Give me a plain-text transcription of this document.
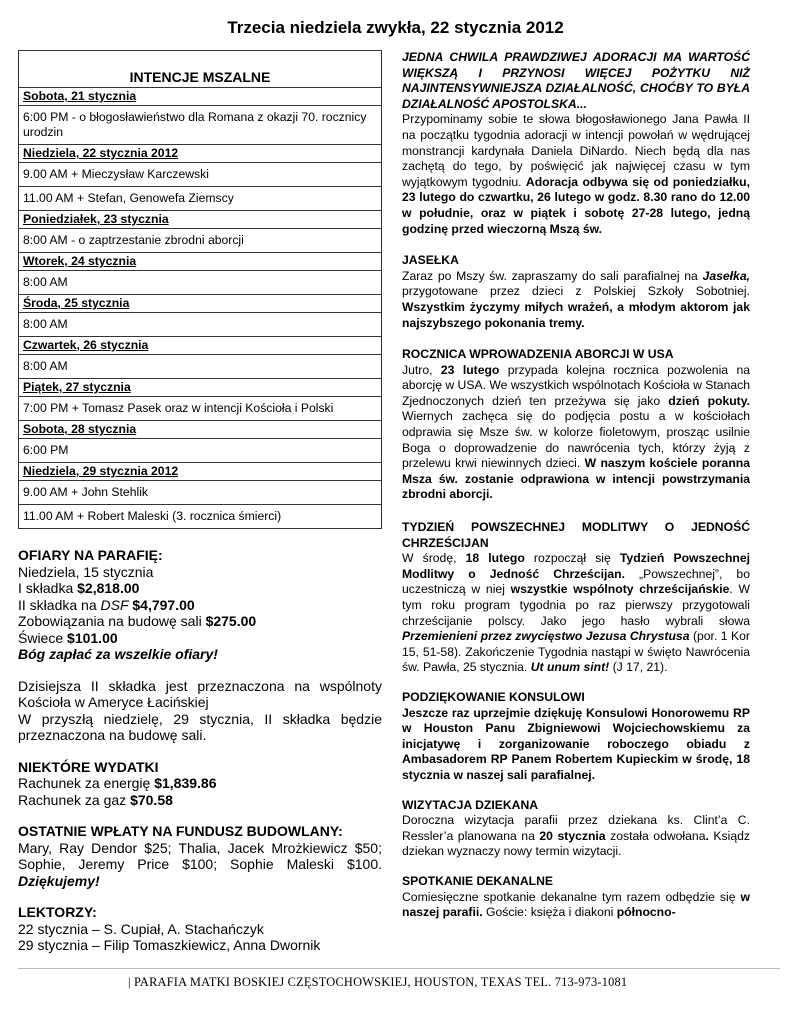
Trzecia niedziela zwykła, 22 stycznia 2012
INTENCJE MSZALNE
Sobota, 21 stycznia
6:00 PM - o błogosławieństwo dla Romana z okazji 70. rocznicy urodzin
Niedziela, 22 stycznia 2012
9.00 AM + Mieczysław Karczewski
11.00 AM + Stefan, Genowefa Ziemscy
Poniedziałek, 23 stycznia
8:00 AM - o zaptrzestanie zbrodni aborcji
Wtorek, 24 stycznia
8:00 AM
Środa, 25 stycznia
8:00 AM
Czwartek, 26 stycznia
8:00 AM
Piątek, 27 stycznia
7:00 PM + Tomasz Pasek oraz w intencji Kościoła i Polski
Sobota, 28 stycznia
6:00 PM
Niedziela, 29 stycznia 2012
9.00 AM + John Stehlik
11.00 AM + Robert Maleski (3. rocznica śmierci)
OFIARY NA PARAFIĘ:
Niedziela, 15 stycznia
I składka $2,818.00
II składka na DSF $4,797.00
Zobowiązania na budowę sali $275.00
Świece $101.00
Bóg zapłać za wszelkie ofiary!
Dzisiejsza II składka jest przeznaczona na wspólnoty Kościoła w Ameryce Łacińskiej
W przyszłą niedzielę, 29 stycznia, II składka będzie przeznaczona na budowę sali.
NIEKTÓRE WYDATKI
Rachunek za energię $1,839.86
Rachunek za gaz $70.58
OSTATNIE WPŁATY NA FUNDUSZ BUDOWLANY:
Mary, Ray Dendor $25; Thalia, Jacek Mrożkiewicz $50; Sophie, Jeremy Price $100; Sophie Maleski $100. Dziękujemy!
LEKTORZY:
22 stycznia – S. Cupiał, A. Stachańczyk
29 stycznia – Filip Tomaszkiewicz, Anna Dwornik

JEDNA CHWILA PRAWDZIWEJ ADORACJI MA WARTOŚĆ WIĘKSZĄ I PRZYNOSI WIĘCEJ POŻYTKU NIŻ NAJINTENSYWNIEJSZA DZIAŁALNOŚĆ, CHOĆBY TO BYŁA DZIAŁALNOŚĆ APOSTOLSKA...

Przypominamy sobie te słowa błogosławionego Jana Pawła II na początku tygodnia adoracji w intencji powołań w wędrującej monstrancji kardynała Daniela DiNardo. Niech będą dla nas zachętą do tego, by poświęcić jak najwięcej czasu w tym wyjątkowym tygodniu. Adoracja odbywa się od poniedziałku, 23 lutego do czwartku, 26 lutego w godz. 8.30 rano do 12.00 w południe, oraz w piątek i sobotę 27-28 lutego, jedną godzinę przed wieczorną Mszą św.

JASEŁKA

Zaraz po Mszy św. zapraszamy do sali parafialnej na Jasełka, przygotowane przez dzieci z Polskiej Szkoły Sobotniej. Wszystkim życzymy miłych wrażeń, a młodym aktorom jak najszybszego pokonania tremy.

ROCZNICA WPROWADZENIA ABORCJI W USA

Jutro, 23 lutego przypada kolejna rocznica pozwolenia na aborcję w USA. We wszystkich wspólnotach Kościoła w Stanach Zjednoczonych dzień ten przeżywa się jako dzień pokuty. Wiernych zachęca się do podjęcia postu a w kościołach odprawia się Msze św. w kolorze fioletowym, prosząc usilnie Boga o doprowadzenie do nawrócenia tych, którzy żyją z przelewu krwi niewinnych dzieci. W naszym kościele poranna Msza św. zostanie odprawiona w intencji powstrzymania zbrodni aborcji.

TYDZIEŃ POWSZECHNEJ MODLITWY O JEDNOŚĆ CHRZEŚCIJAN

W środę, 18 lutego rozpoczął się Tydzień Powszechnej Modlitwy o Jedność Chrześcijan. „Powszechnej”, bo uczestniczą w niej wszystkie wspólnoty chrześcijańskie. W tym roku program tygodnia po raz pierwszy przygotowali chrześcijanie polscy. Jako jego hasło wybrali słowa Przemienieni przez zwycięstwo Jezusa Chrystusa (por. 1 Kor 15, 51-58). Zakończenie Tygodnia nastąpi w święto Nawrócenia św. Pawła, 25 stycznia. Ut unum sint! (J 17, 21).

PODZIĘKOWANIE KONSULOWI

Jeszcze raz uprzejmie dziękuję Konsulowi Honorowemu RP w Houston Panu Zbigniewowi Wojciechowskiemu za inicjatywę i zorganizowanie roboczego obiadu z Ambasadorem RP Panem Robertem Kupieckim w środę, 18 stycznia w naszej sali parafialnej.

WIZYTACJA DZIEKANA

Doroczna wizytacja parafii przez dziekana ks. Clint’a C. Ressler’a planowana na 20 stycznia została odwołana. Ksiądz dziekan wyznaczy nowy termin wizytacji.

SPOTKANIE DEKANALNE

Comiesięczne spotkanie dekanalne tym razem odbędzie się w naszej parafii. Goście: księża i diakoni północno-

| PARAFIA MATKI BOSKIEJ CZĘSTOCHOWSKIEJ, HOUSTON, TEXAS TEL. 713-973-1081
